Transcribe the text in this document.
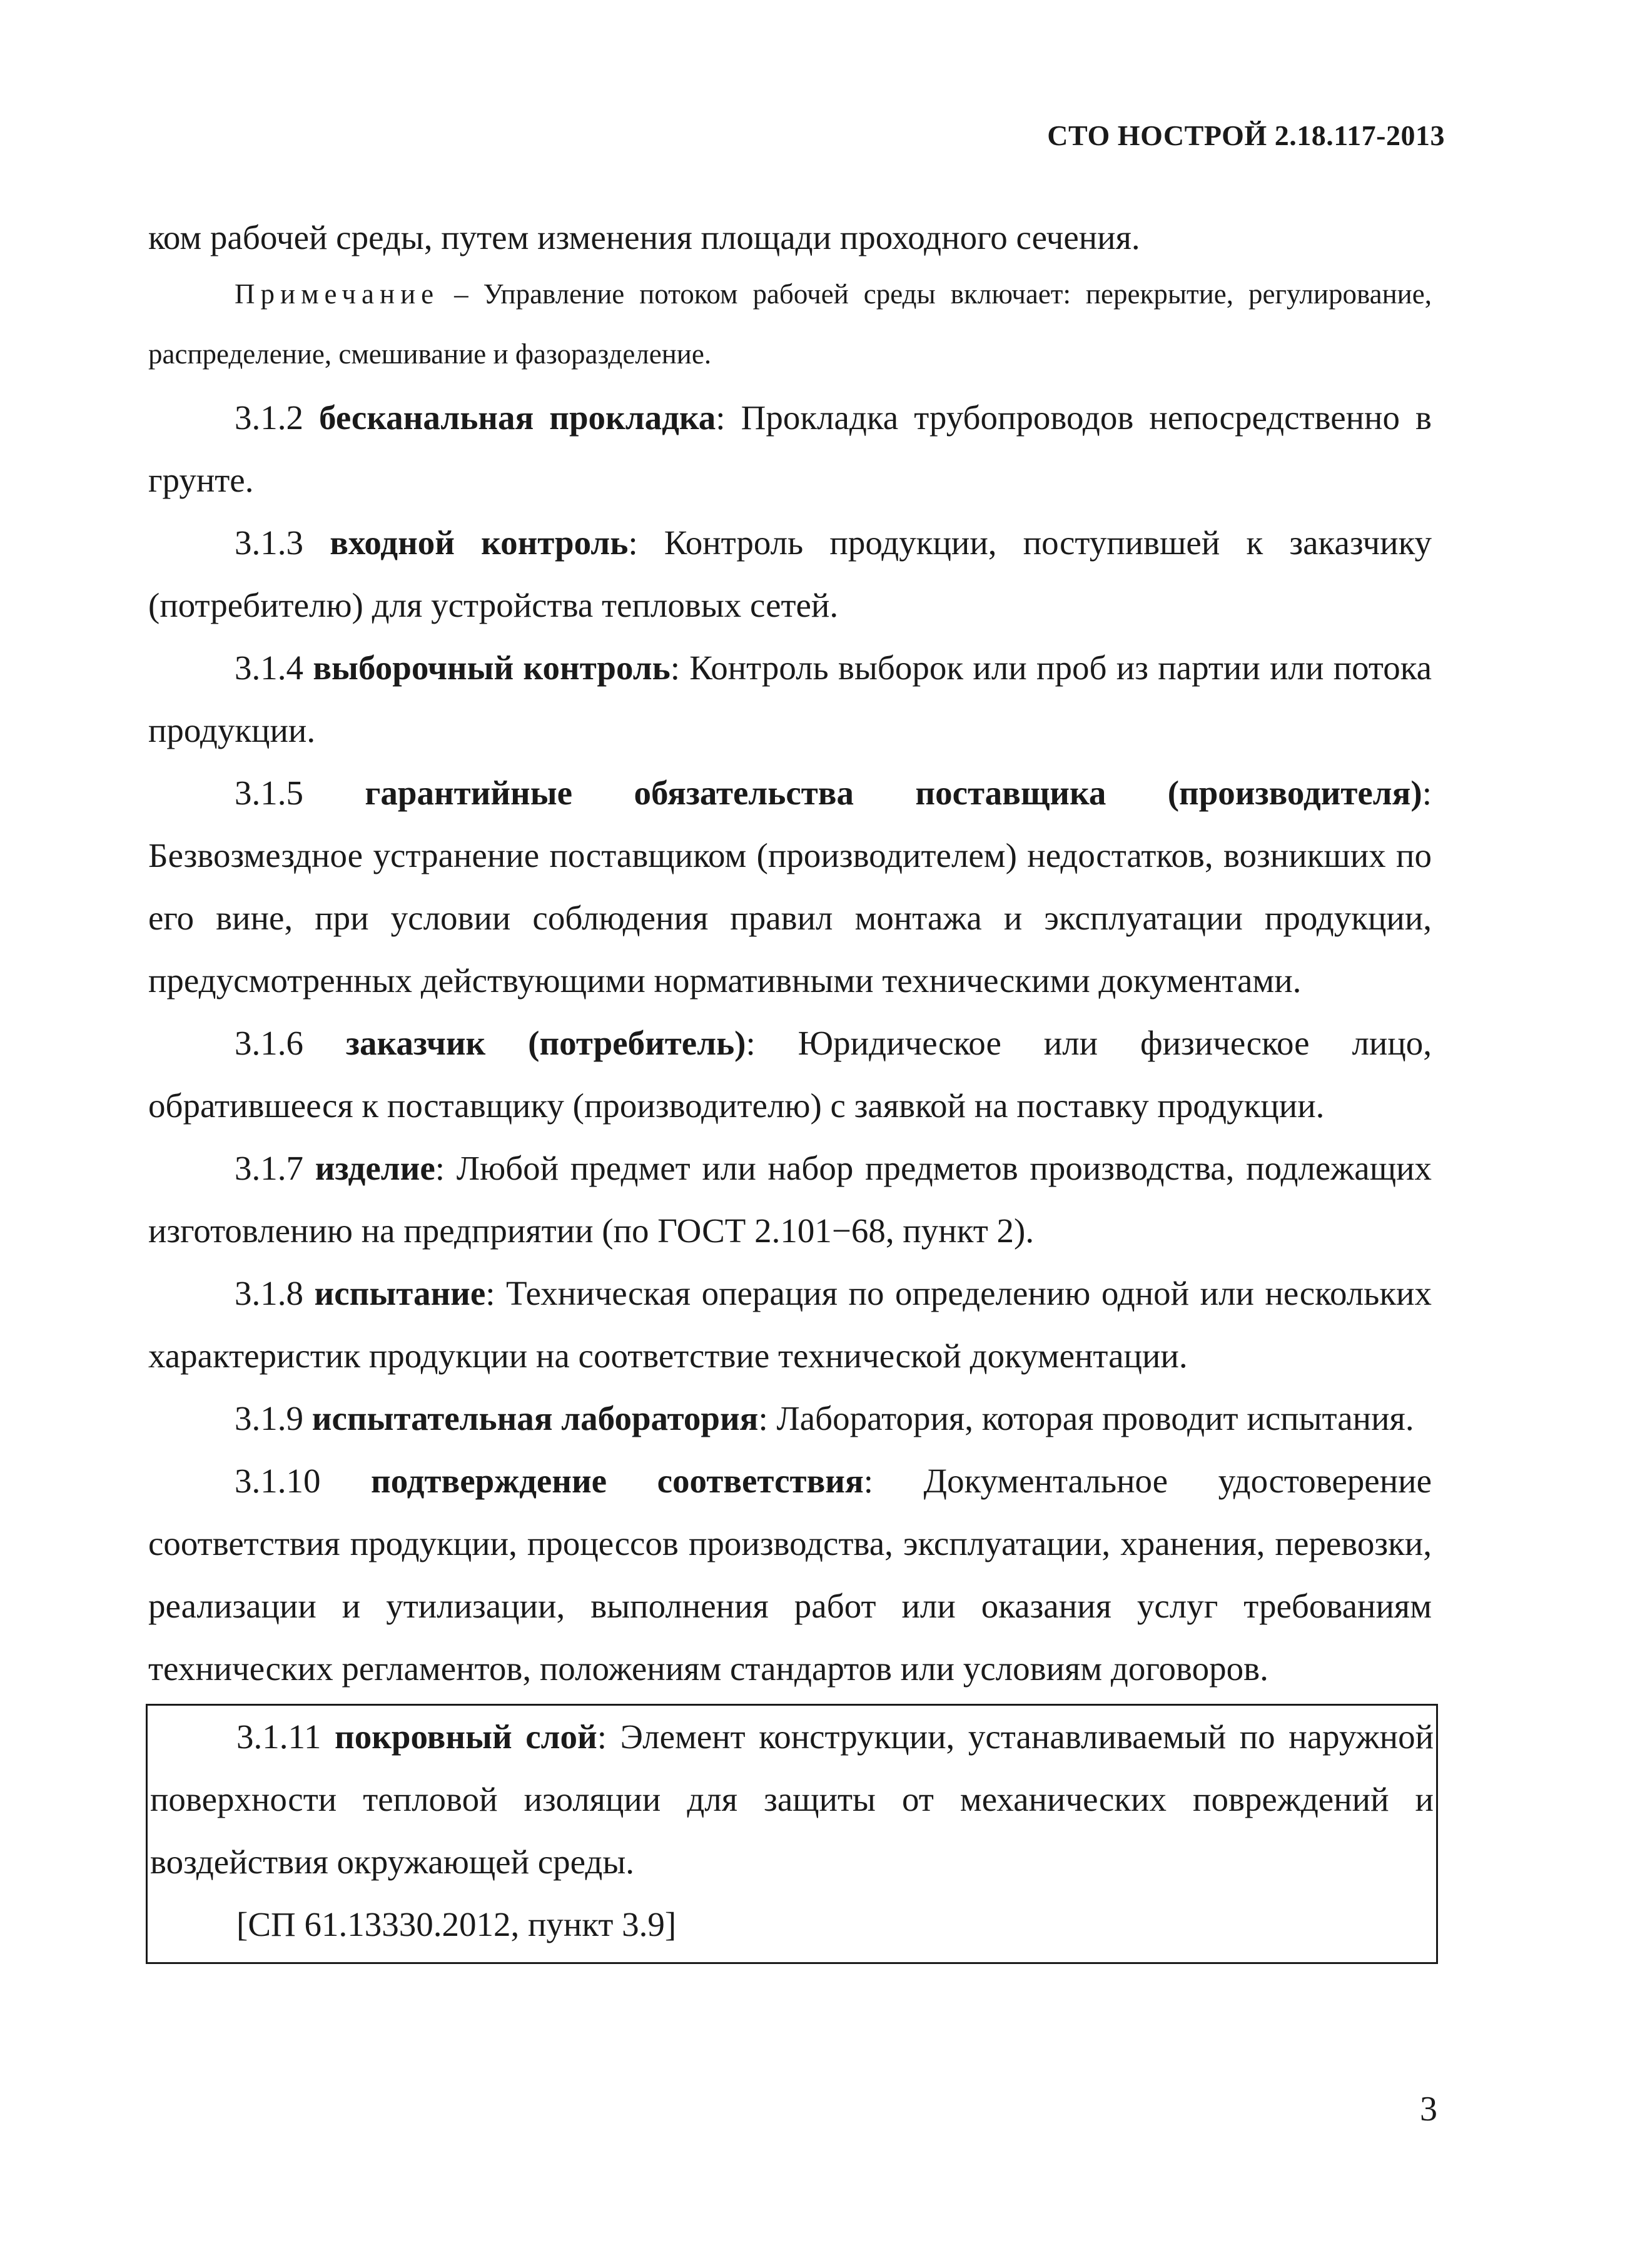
СТО НОСТРОЙ 2.18.117-2013

ком рабочей среды, путем изменения площади проходного сечения.

Примечание – Управление потоком рабочей среды включает: перекрытие, регулирование, распределение, смешивание и фазоразделение.

3.1.2 бесканальная прокладка: Прокладка трубопроводов непосредственно в грунте.

3.1.3 входной контроль: Контроль продукции, поступившей к заказчику (потребителю) для устройства тепловых сетей.

3.1.4 выборочный контроль: Контроль выборок или проб из партии или потока продукции.

3.1.5 гарантийные обязательства поставщика (производителя): Безвозмездное устранение поставщиком (производителем) недостатков, возникших по его вине, при условии соблюдения правил монтажа и эксплуатации продукции, предусмотренных действующими нормативными техническими документами.

3.1.6 заказчик (потребитель): Юридическое или физическое лицо, обратившееся к поставщику (производителю) с заявкой на поставку продукции.

3.1.7 изделие: Любой предмет или набор предметов производства, подлежащих изготовлению на предприятии (по ГОСТ 2.101−68, пункт 2).

3.1.8 испытание: Техническая операция по определению одной или нескольких характеристик продукции на соответствие технической документации.

3.1.9 испытательная лаборатория: Лаборатория, которая проводит испытания.

3.1.10 подтверждение соответствия: Документальное удостоверение соответствия продукции, процессов производства, эксплуатации, хранения, перевозки, реализации и утилизации, выполнения работ или оказания услуг требованиям технических регламентов, положениям стандартов или условиям договоров.

3.1.11 покровный слой: Элемент конструкции, устанавливаемый по наружной поверхности тепловой изоляции для защиты от механических повреждений и воздействия окружающей среды.

[СП 61.13330.2012, пункт 3.9]

3
